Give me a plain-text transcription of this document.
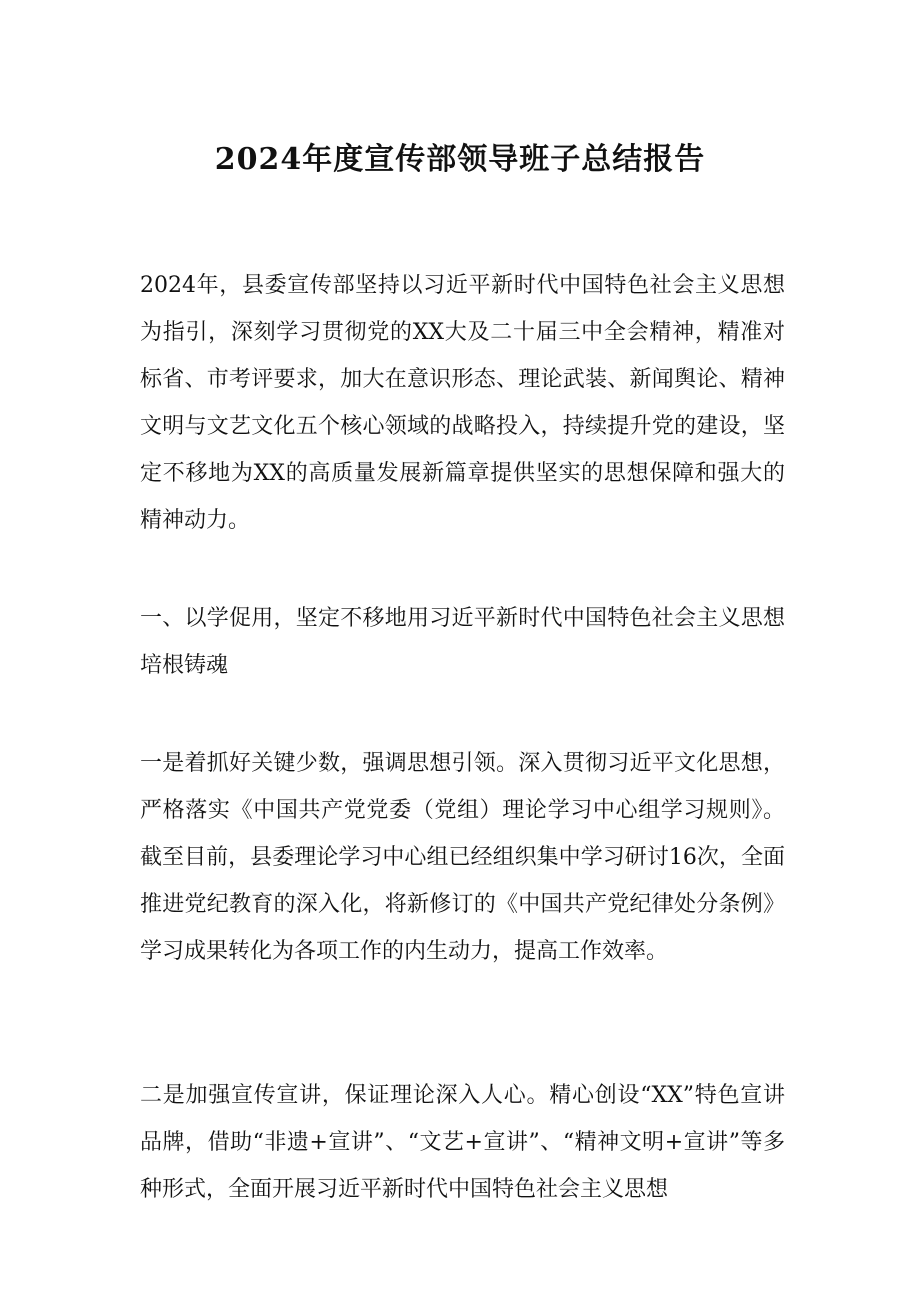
2024年度宣传部领导班子总结报告

2024年，县委宣传部坚持以习近平新时代中国特色社会主义思想为指引，深刻学习贯彻党的XX大及二十届三中全会精神，精准对标省、市考评要求，加大在意识形态、理论武装、新闻舆论、精神文明与文艺文化五个核心领域的战略投入，持续提升党的建设，坚定不移地为XX的高质量发展新篇章提供坚实的思想保障和强大的精神动力。

一、以学促用，坚定不移地用习近平新时代中国特色社会主义思想培根铸魂

一是着抓好关键少数，强调思想引领。深入贯彻习近平文化思想，严格落实《中国共产党党委（党组）理论学习中心组学习规则》。截至目前，县委理论学习中心组已经组织集中学习研讨16次，全面推进党纪教育的深入化，将新修订的《中国共产党纪律处分条例》学习成果转化为各项工作的内生动力，提高工作效率。

二是加强宣传宣讲，保证理论深入人心。精心创设“XX”特色宣讲品牌，借助“非遗+宣讲”、“文艺+宣讲”、“精神文明+宣讲”等多种形式，全面开展习近平新时代中国特色社会主义思想
